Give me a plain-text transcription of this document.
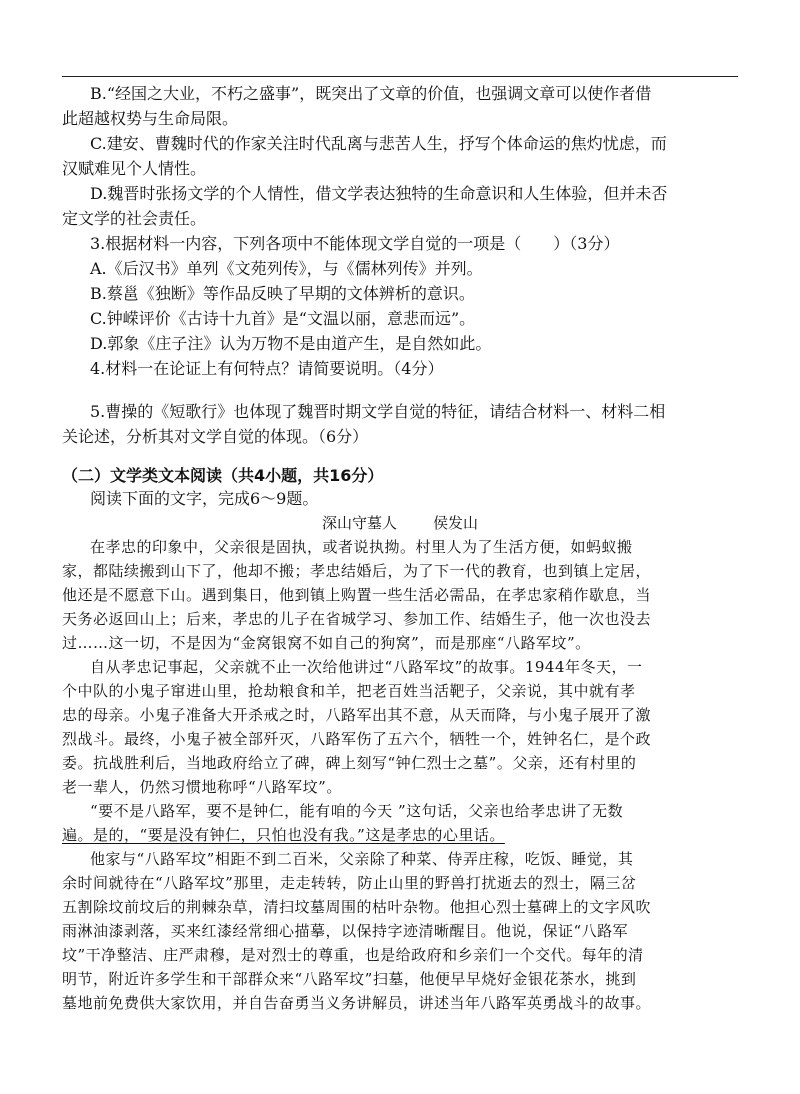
B.“经国之大业，不朽之盛事”，既突出了文章的价值，也强调文章可以使作者借
此超越权势与生命局限。
C.建安、曹魏时代的作家关注时代乱离与悲苦人生，抒写个体命运的焦灼忧虑，而
汉赋难见个人情性。
D.魏晋时张扬文学的个人情性，借文学表达独特的生命意识和人生体验，但并未否
定文学的社会责任。
3.根据材料一内容，下列各项中不能体现文学自觉的一项是（　　）（3分）
A.《后汉书》单列《文苑列传》，与《儒林列传》并列。
B.蔡邕《独断》等作品反映了早期的文体辨析的意识。
C.钟嵘评价《古诗十九首》是“文温以丽，意悲而远”。
D.郭象《庄子注》认为万物不是由道产生，是自然如此。
4.材料一在论证上有何特点？请简要说明。（4分）
5.曹操的《短歌行》也体现了魏晋时期文学自觉的特征，请结合材料一、材料二相
关论述，分析其对文学自觉的体现。（6分）
（二）文学类文本阅读（共4小题，共16分）
阅读下面的文字，完成6～9题。
深山守墓人 侯发山
在孝忠的印象中，父亲很是固执，或者说执拗。村里人为了生活方便，如蚂蚁搬
家，都陆续搬到山下了，他却不搬；孝忠结婚后，为了下一代的教育，也到镇上定居，
他还是不愿意下山。遇到集日，他到镇上购置一些生活必需品，在孝忠家稍作歇息，当
天务必返回山上；后来，孝忠的儿子在省城学习、参加工作、结婚生子，他一次也没去
过……这一切，不是因为“金窝银窝不如自己的狗窝”，而是那座“八路军坟”。
自从孝忠记事起，父亲就不止一次给他讲过“八路军坟”的故事。1944年冬天，一
个中队的小鬼子窜进山里，抢劫粮食和羊，把老百姓当活靶子，父亲说，其中就有孝
忠的母亲。小鬼子准备大开杀戒之时，八路军出其不意，从天而降，与小鬼子展开了激
烈战斗。最终，小鬼子被全部歼灭，八路军伤了五六个，牺牲一个，姓钟名仁，是个政
委。抗战胜利后，当地政府给立了碑，碑上刻写“钟仁烈士之墓”。父亲，还有村里的
老一辈人，仍然习惯地称呼“八路军坟”。
“要不是八路军，要不是钟仁，能有咱的今天 ”这句话，父亲也给孝忠讲了无数
遍。是的，“要是没有钟仁，只怕也没有我。”这是孝忠的心里话。
他家与“八路军坟”相距不到二百米，父亲除了种菜、侍弄庄稼，吃饭、睡觉，其
余时间就待在“八路军坟”那里，走走转转，防止山里的野兽打扰逝去的烈士，隔三岔
五割除坟前坟后的荆棘杂草，清扫坟墓周围的枯叶杂物。他担心烈士墓碑上的文字风吹
雨淋油漆剥落，买来红漆经常细心描摹，以保持字迹清晰醒目。他说，保证“八路军
坟”干净整洁、庄严肃穆，是对烈士的尊重，也是给政府和乡亲们一个交代。每年的清
明节，附近许多学生和干部群众来“八路军坟”扫墓，他便早早烧好金银花茶水，挑到
墓地前免费供大家饮用，并自告奋勇当义务讲解员，讲述当年八路军英勇战斗的故事。
